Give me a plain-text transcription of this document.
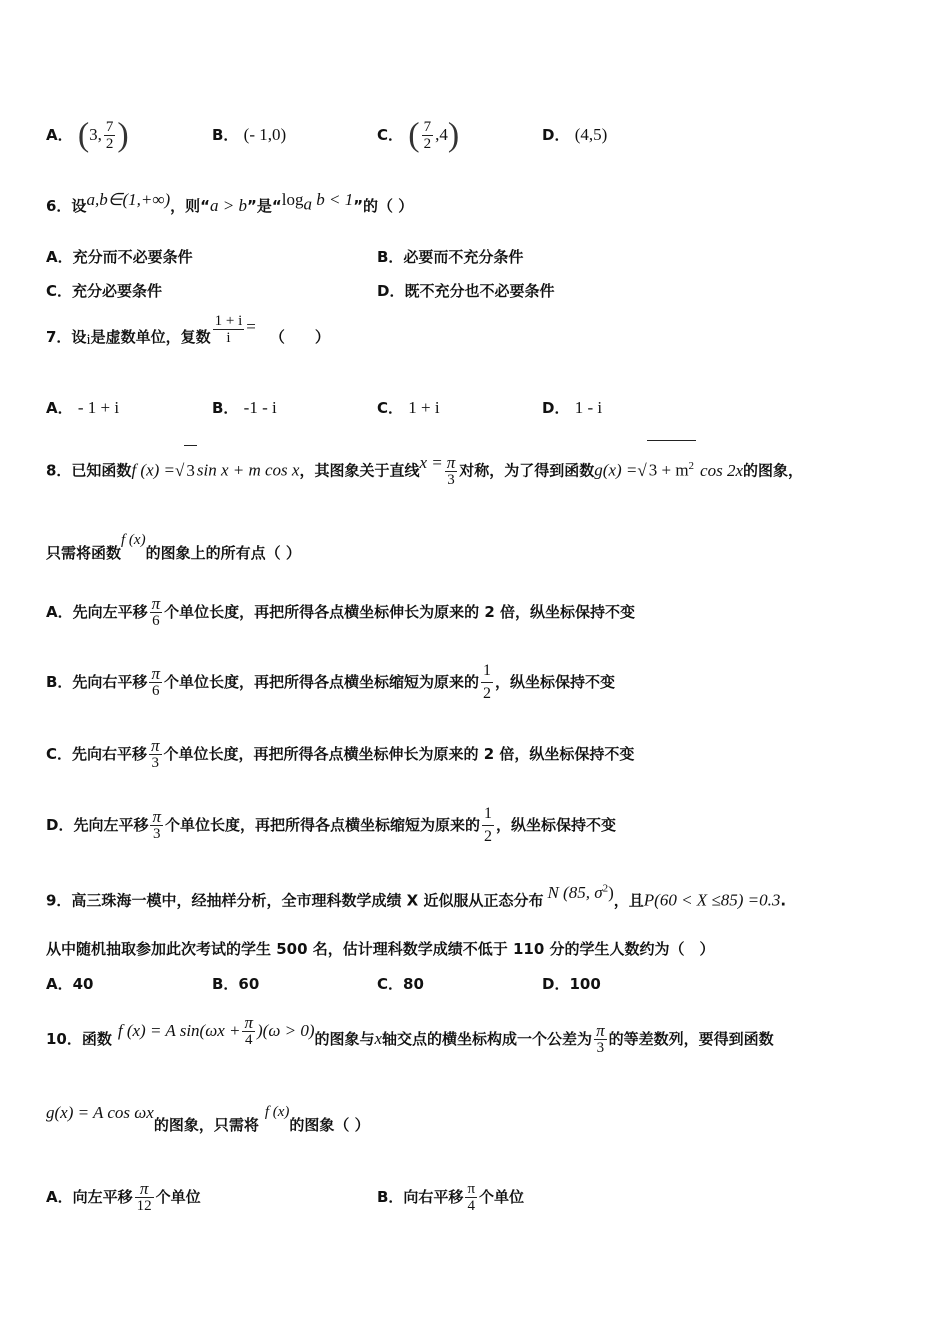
A． (3, $\frac{7}{2}$ )	B． (- 1,0)	C． ( $\frac{7}{2} ,4$)	D． (4,5)
6．设a,b∈(1,+∞)，则“a > b”是“$\log_a$ b < 1”的（ ）
A．充分而不必要条件	B．必要而不充分条件
C．充分必要条件	D．既不充分也不必要条件
7．设i是虚数单位，复数 $\frac{1 + i}{i}$ =（　　）
A． - 1 + i	B． -1 - i	C． 1 + i	D． 1 - i
8．已知函数f (x) =√ 3 sin x + m cos x，其图象关于直线$x = \frac{\pi}{3}$ 对称，为了得到函数g(x) =√ $3 + m^2$ cos 2x的图象，
只需将函数f (x)的图象上的所有点（ ）
A．先向左平移 $\frac{\pi}{6}$ 个单位长度，再把所得各点横坐标伸长为原来的 2 倍，纵坐标保持不变
B．先向右平移 $\frac{\pi}{6}$ 个单位长度，再把所得各点横坐标缩短为原来的 $\frac{1}{2}$ ，纵坐标保持不变
C．先向右平移 $\frac{\pi}{3}$ 个单位长度，再把所得各点横坐标伸长为原来的 2 倍，纵坐标保持不变
D．先向左平移 $\frac{\pi}{3}$ 个单位长度，再把所得各点横坐标缩短为原来的 $\frac{1}{2}$ ，纵坐标保持不变
9．高三珠海一模中，经抽样分析，全市理科数学成绩 X 近似服从正态分布 N (85, $\sigma^2$)，且P(60 < X ≤85) =0.3.
从中随机抽取参加此次考试的学生 500 名，估计理科数学成绩不低于 110 分的学生人数约为（　）
A．40	B．60	C．80	D．100
10．函数 f (x) = A $\sin(\omega x + \frac{\pi}{4} )(\omega > 0)$的图象与x轴交点的横坐标构成一个公差为 $\frac{\pi}{3}$ 的等差数列，要得到函数
g(x) = A cos ωx的图象，只需将f (x)的图象（ ）
A．向左平移 $\frac{\pi}{12}$ 个单位	B．向右平移 $\frac{\pi}{4}$ 个单位
